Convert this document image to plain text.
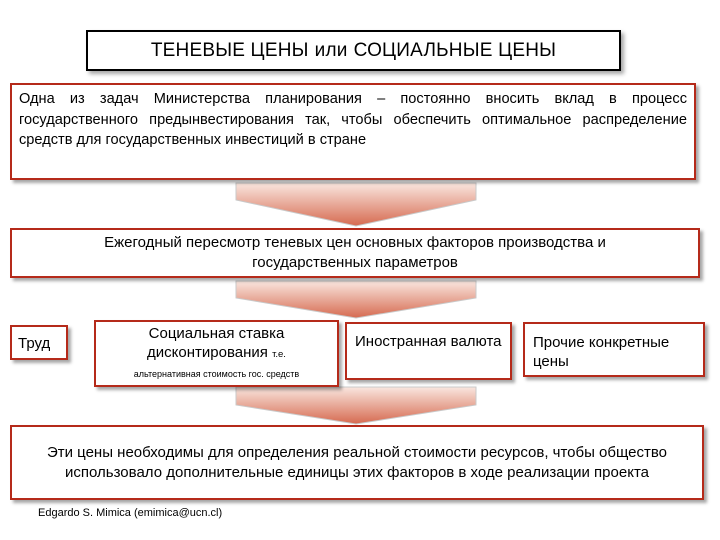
ТЕНЕВЫЕ ЦЕНЫ или СОЦИАЛЬНЫЕ ЦЕНЫ
Одна из задач Министерства планирования – постоянно вносить вклад в процесс государственного предынвестирования так, чтобы обеспечить оптимальное распределение средств для государственных инвестиций в стране
Ежегодный пересмотр теневых цен основных факторов производства и государственных параметров
Труд
Социальная ставка дисконтирования т.е.
альтернативная стоимость гос. средств
Иностранная валюта	Прочие конкретные цены
Эти цены необходимы для определения реальной стоимости ресурсов, чтобы общество использовало дополнительные единицы этих факторов в ходе реализации проекта
Edgardo S. Mimica (emimica@ucn.cl)
